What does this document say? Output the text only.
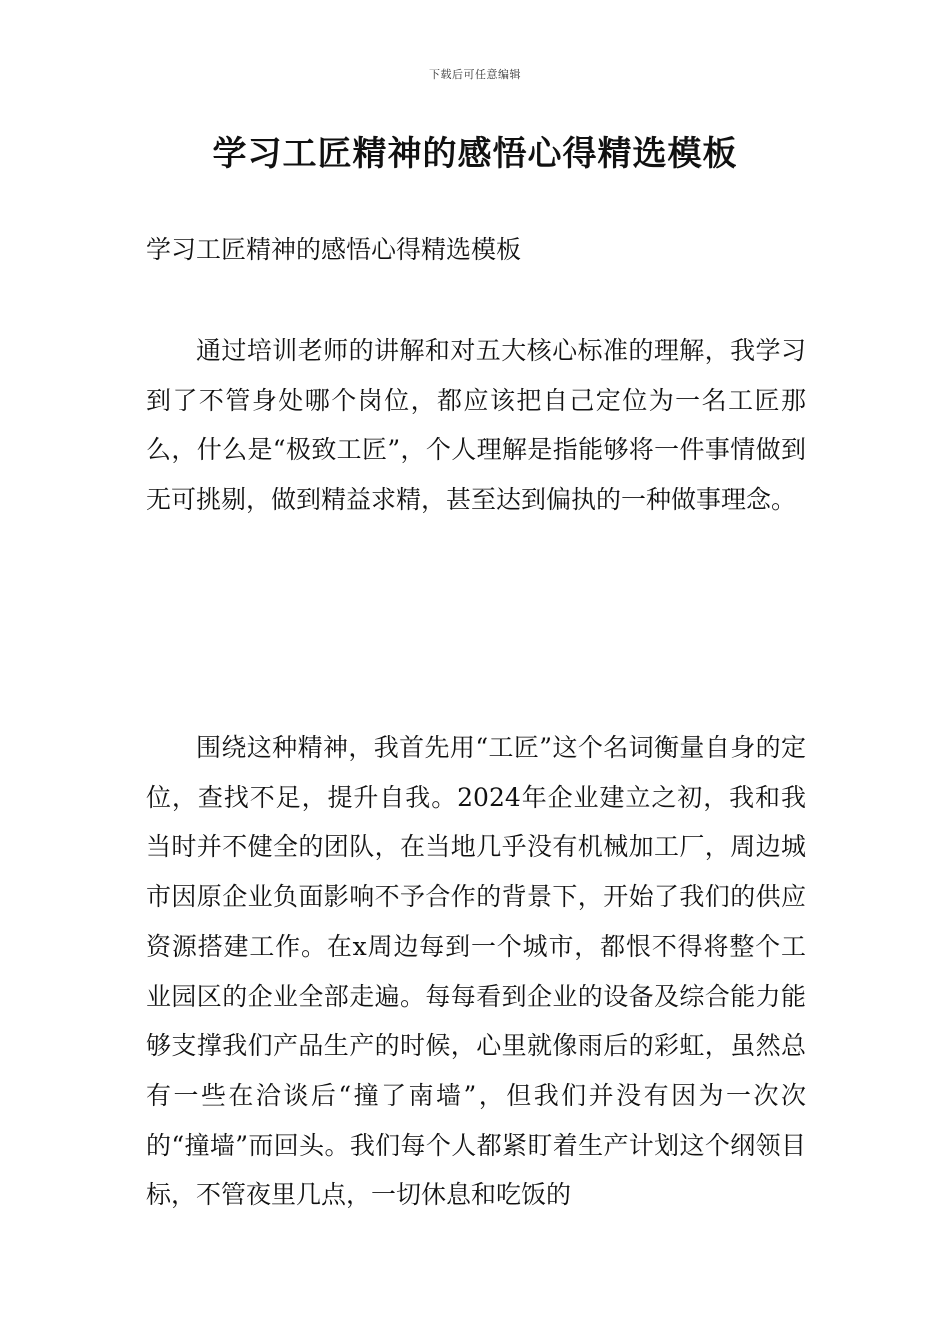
下载后可任意编辑
学习工匠精神的感悟心得精选模板

学习工匠精神的感悟心得精选模板

通过培训老师的讲解和对五大核心标准的理解，我学习到了不管身处哪个岗位，都应该把自己定位为一名工匠那么，什么是“极致工匠”，个人理解是指能够将一件事情做到无可挑剔，做到精益求精，甚至达到偏执的一种做事理念。

围绕这种精神，我首先用“工匠”这个名词衡量自身的定位，查找不足，提升自我。2024年企业建立之初，我和我当时并不健全的团队，在当地几乎没有机械加工厂，周边城市因原企业负面影响不予合作的背景下，开始了我们的供应资源搭建工作。在x周边每到一个城市，都恨不得将整个工业园区的企业全部走遍。每每看到企业的设备及综合能力能够支撑我们产品生产的时候，心里就像雨后的彩虹，虽然总有一些在洽谈后“撞了南墙”，但我们并没有因为一次次的“撞墙”而回头。我们每个人都紧盯着生产计划这个纲领目标，不管夜里几点，一切休息和吃饭的
